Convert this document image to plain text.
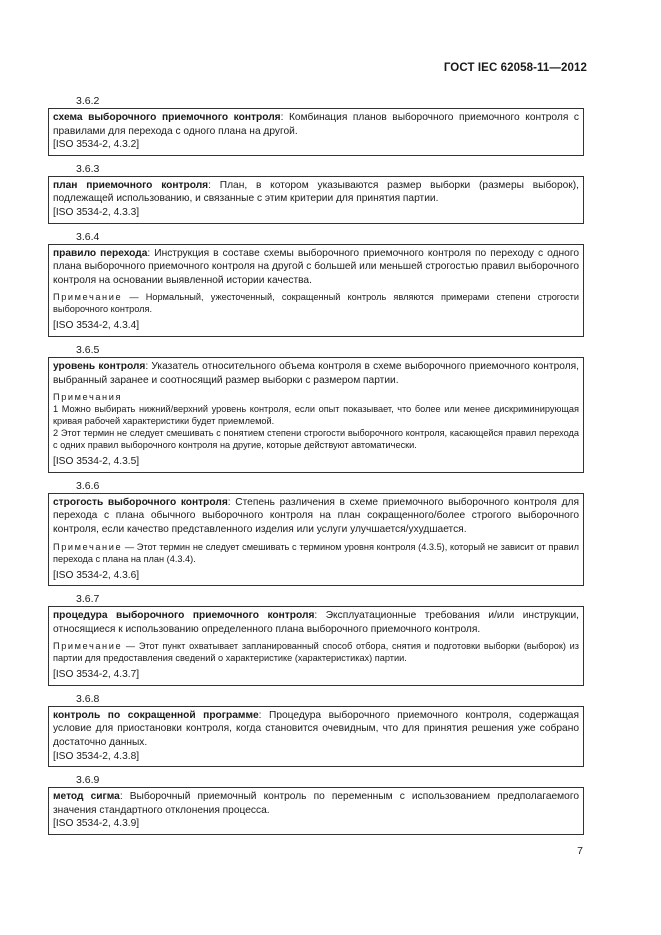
ГОСТ IEC 62058-11—2012
3.6.2

схема выборочного приемочного контроля: Комбинация планов выборочного приемочного контроля с правилами для перехода с одного плана на другой.

[ISO 3534-2, 4.3.2]

3.6.3

план приемочного контроля: План, в котором указываются размер выборки (размеры выборок), подлежащей использованию, и связанные с этим критерии для принятия партии.

[ISO 3534-2, 4.3.3]

3.6.4

правило перехода: Инструкция в составе схемы выборочного приемочного контроля по переходу с одного плана выборочного приемочного контроля на другой с большей или меньшей строгостью правил выборочного контроля на основании выявленной истории качества.

Примечание — Нормальный, ужесточенный, сокращенный контроль являются примерами степени строгости выборочного контроля.

[ISO 3534-2, 4.3.4]

3.6.5

уровень контроля: Указатель относительного объема контроля в схеме выборочного приемочного контроля, выбранный заранее и соотносящий размер выборки с размером партии.

Примечания

1 Можно выбирать нижний/верхний уровень контроля, если опыт показывает, что более или менее дискриминирующая кривая рабочей характеристики будет приемлемой.

2 Этот термин не следует смешивать с понятием степени строгости выборочного контроля, касающейся правил перехода с одних правил выборочного контроля на другие, которые действуют автоматически.

[ISO 3534-2, 4.3.5]

3.6.6

строгость выборочного контроля: Степень различения в схеме приемочного выборочного контроля для перехода с плана обычного выборочного контроля на план сокращенного/более строгого выборочного контроля, если качество представленного изделия или услуги улучшается/ухудшается.

Примечание — Этот термин не следует смешивать с термином уровня контроля (4.3.5), который не зависит от правил перехода с плана на план (4.3.4).

[ISO 3534-2, 4.3.6]

3.6.7

процедура выборочного приемочного контроля: Эксплуатационные требования и/или инструкции, относящиеся к использованию определенного плана выборочного приемочного контроля.

Примечание — Этот пункт охватывает запланированный способ отбора, снятия и подготовки выборки (выборок) из партии для предоставления сведений о характеристике (характеристиках) партии.

[ISO 3534-2, 4.3.7]

3.6.8

контроль по сокращенной программе: Процедура выборочного приемочного контроля, содержащая условие для приостановки контроля, когда становится очевидным, что для принятия решения уже собрано достаточно данных.

[ISO 3534-2, 4.3.8]

3.6.9

метод сигма: Выборочный приемочный контроль по переменным с использованием предполагаемого значения стандартного отклонения процесса.

[ISO 3534-2, 4.3.9]

7
